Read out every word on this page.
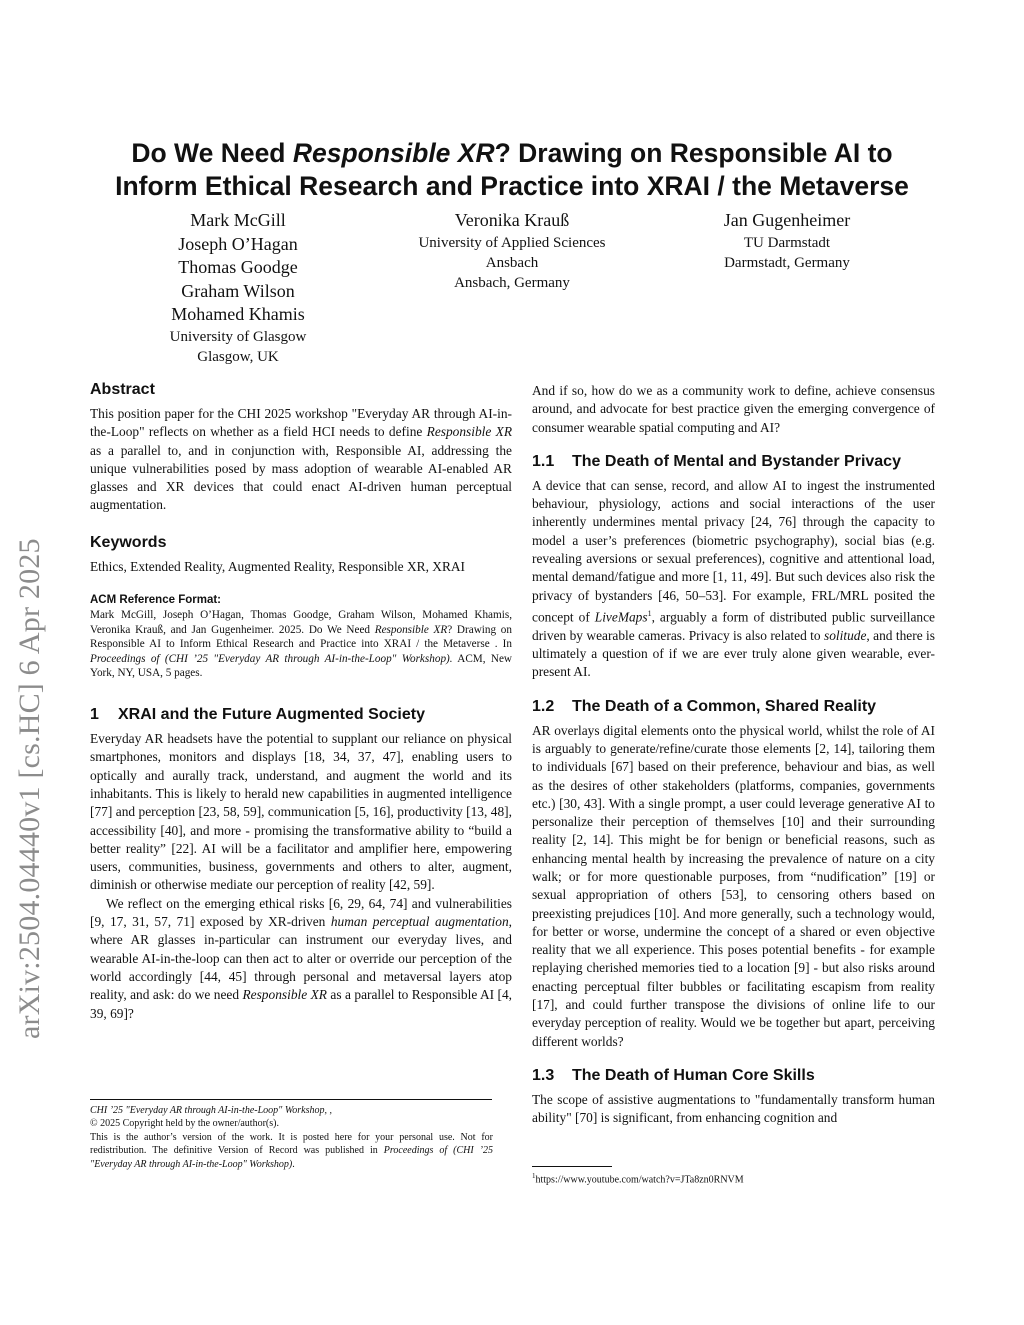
arXiv:2504.04440v1 [cs.HC] 6 Apr 2025
Do We Need Responsible XR? Drawing on Responsible AI to
Inform Ethical Research and Practice into XRAI / the Metaverse
Mark McGill
Joseph O’Hagan
Thomas Goodge
Graham Wilson
Mohamed Khamis
University of Glasgow
Glasgow, UK
Veronika Krauß
University of Applied Sciences
Ansbach
Ansbach, Germany
Jan Gugenheimer
TU Darmstadt
Darmstadt, Germany
Abstract

This position paper for the CHI 2025 workshop "Everyday AR through AI-in-the-Loop" reflects on whether as a field HCI needs to define Responsible XR as a parallel to, and in conjunction with, Responsible AI, addressing the unique vulnerabilities posed by mass adoption of wearable AI-enabled AR glasses and XR devices that could enact AI-driven human perceptual augmentation.

Keywords

Ethics, Extended Reality, Augmented Reality, Responsible XR, XRAI

ACM Reference Format:
Mark McGill, Joseph O’Hagan, Thomas Goodge, Graham Wilson, Mohamed Khamis, Veronika Krauß, and Jan Gugenheimer. 2025. Do We Need Responsible XR? Drawing on Responsible AI to Inform Ethical Research and Practice into XRAI / the Metaverse . In Proceedings of (CHI ’25 "Everyday AR through AI-in-the-Loop" Workshop). ACM, New York, NY, USA, 5 pages.
1 XRAI and the Future Augmented Society

Everyday AR headsets have the potential to supplant our reliance on physical smartphones, monitors and displays [18, 34, 37, 47], enabling users to optically and aurally track, understand, and augment the world and its inhabitants. This is likely to herald new capabilities in augmented intelligence [77] and perception [23, 58, 59], communication [5, 16], productivity [13, 48], accessibility [40], and more - promising the transformative ability to “build a better reality” [22]. AI will be a facilitator and amplifier here, empowering users, communities, business, governments and others to alter, augment, diminish or otherwise mediate our perception of reality [42, 59].

We reflect on the emerging ethical risks [6, 29, 64, 74] and vulnerabilities [9, 17, 31, 57, 71] exposed by XR-driven human perceptual augmentation, where AR glasses in-particular can instrument our everyday lives, and wearable AI-in-the-loop can then act to alter or override our perception of the world accordingly [44, 45] through personal and metaversal layers atop reality, and ask: do we need Responsible XR as a parallel to Responsible AI [4, 39, 69]?

CHI ’25 "Everyday AR through AI-in-the-Loop" Workshop, ,

© 2025 Copyright held by the owner/author(s).

This is the author’s version of the work. It is posted here for your personal use. Not for redistribution. The definitive Version of Record was published in Proceedings of (CHI ’25 "Everyday AR through AI-in-the-Loop" Workshop).

And if so, how do we as a community work to define, achieve consensus around, and advocate for best practice given the emerging convergence of consumer wearable spatial computing and AI?

1.1 The Death of Mental and Bystander Privacy

A device that can sense, record, and allow AI to ingest the instrumented behaviour, physiology, actions and social interactions of the user inherently undermines mental privacy [24, 76] through the capacity to model a user’s preferences (biometric psychography), social bias (e.g. revealing aversions or sexual preferences), cognitive and attentional load, mental demand/fatigue and more [1, 11, 49]. But such devices also risk the privacy of bystanders [46, 50–53]. For example, FRL/MRL posited the concept of LiveMaps$^1$, arguably a form of distributed public surveillance driven by wearable cameras. Privacy is also related to solitude, and there is ultimately a question of if we are ever truly alone given wearable, ever-present AI.

1.2 The Death of a Common, Shared Reality

AR overlays digital elements onto the physical world, whilst the role of AI is arguably to generate/refine/curate those elements [2, 14], tailoring them to individuals [67] based on their preference, behaviour and bias, as well as the desires of other stakeholders (platforms, companies, governments etc.) [30, 43]. With a single prompt, a user could leverage generative AI to personalize their perception of themselves [10] and their surrounding reality [2, 14]. This might be for benign or beneficial reasons, such as enhancing mental health by increasing the prevalence of nature on a city walk; or for more questionable purposes, from “nudification” [19] or sexual appropriation of others [53], to censoring others based on preexisting prejudices [10]. And more generally, such a technology would, for better or worse, undermine the concept of a shared or even objective reality that we all experience. This poses potential benefits - for example replaying cherished memories tied to a location [9] - but also risks around enacting perceptual filter bubbles or facilitating escapism from reality [17], and could further transpose the divisions of online life to our everyday perception of reality. Would we be together but apart, perceiving different worlds?

1.3 The Death of Human Core Skills

The scope of assistive augmentations to "fundamentally transform human ability" [70] is significant, from enhancing cognition and

$^1$https://www.youtube.com/watch?v=JTa8zn0RNVM
